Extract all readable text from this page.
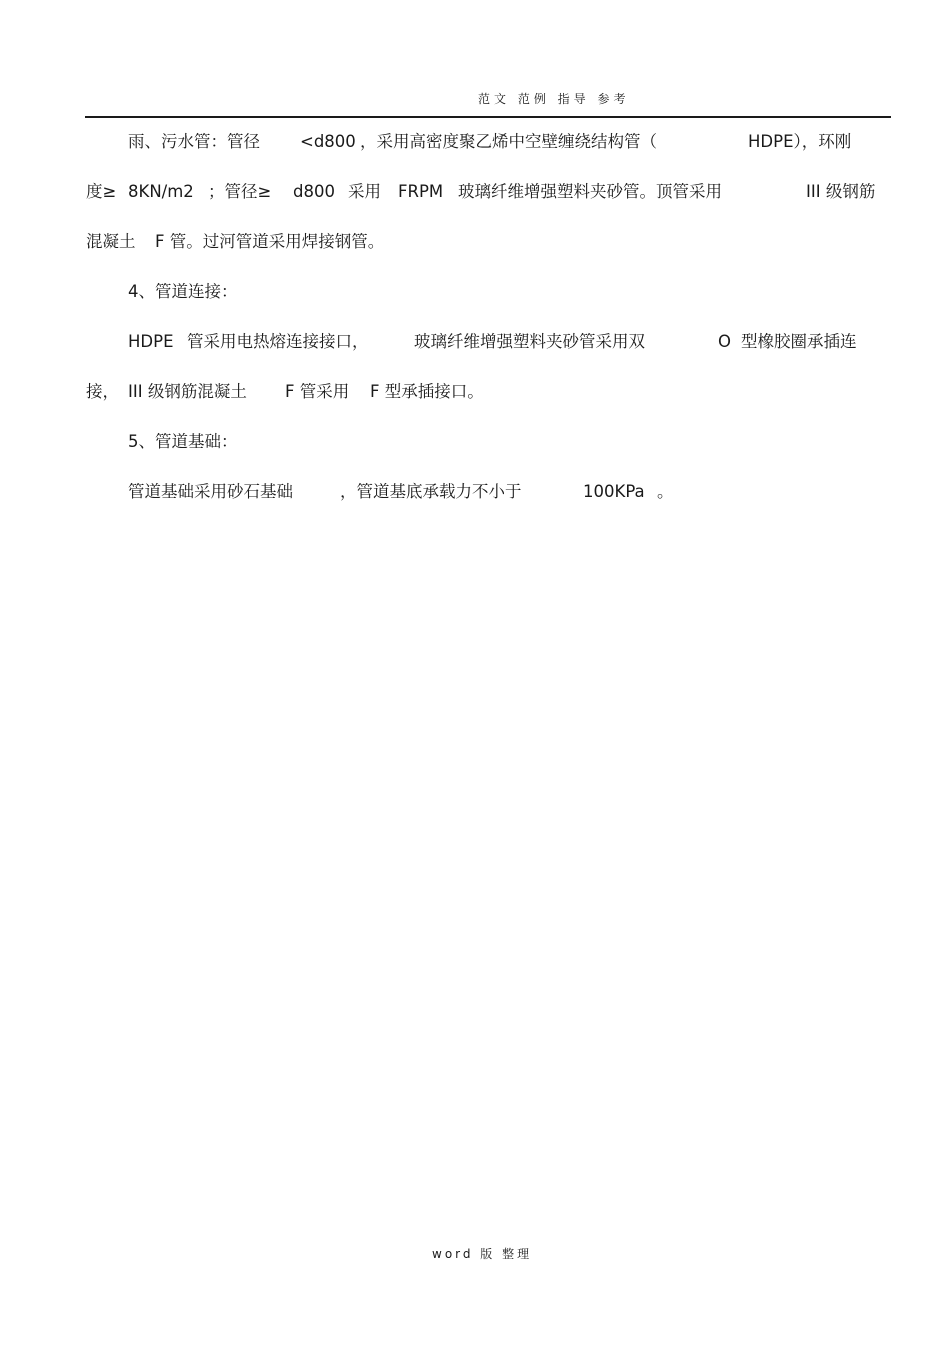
范文 范例 指导 参考
雨、污水管：管径 <d800 ，采用高密度聚乙烯中空壁缠绕结构管（	HDPE），环刚
度≥ 8KN/m2 ；管径≥ d800 采用 FRPM 玻璃纤维增强塑料夹砂管。顶管采用	III 级钢筋
混凝土 F 管。过河管道采用焊接钢管。
4、管道连接：
HDPE 管采用电热熔连接接口，	玻璃纤维增强塑料夹砂管采用双	O 型橡胶圈承插连
接， III 级钢筋混凝土 F 管采用 F 型承插接口。
5、管道基础：
管道基础采用砂石基础	，管道基底承载力不小于	100KPa 。
word 版 整理
